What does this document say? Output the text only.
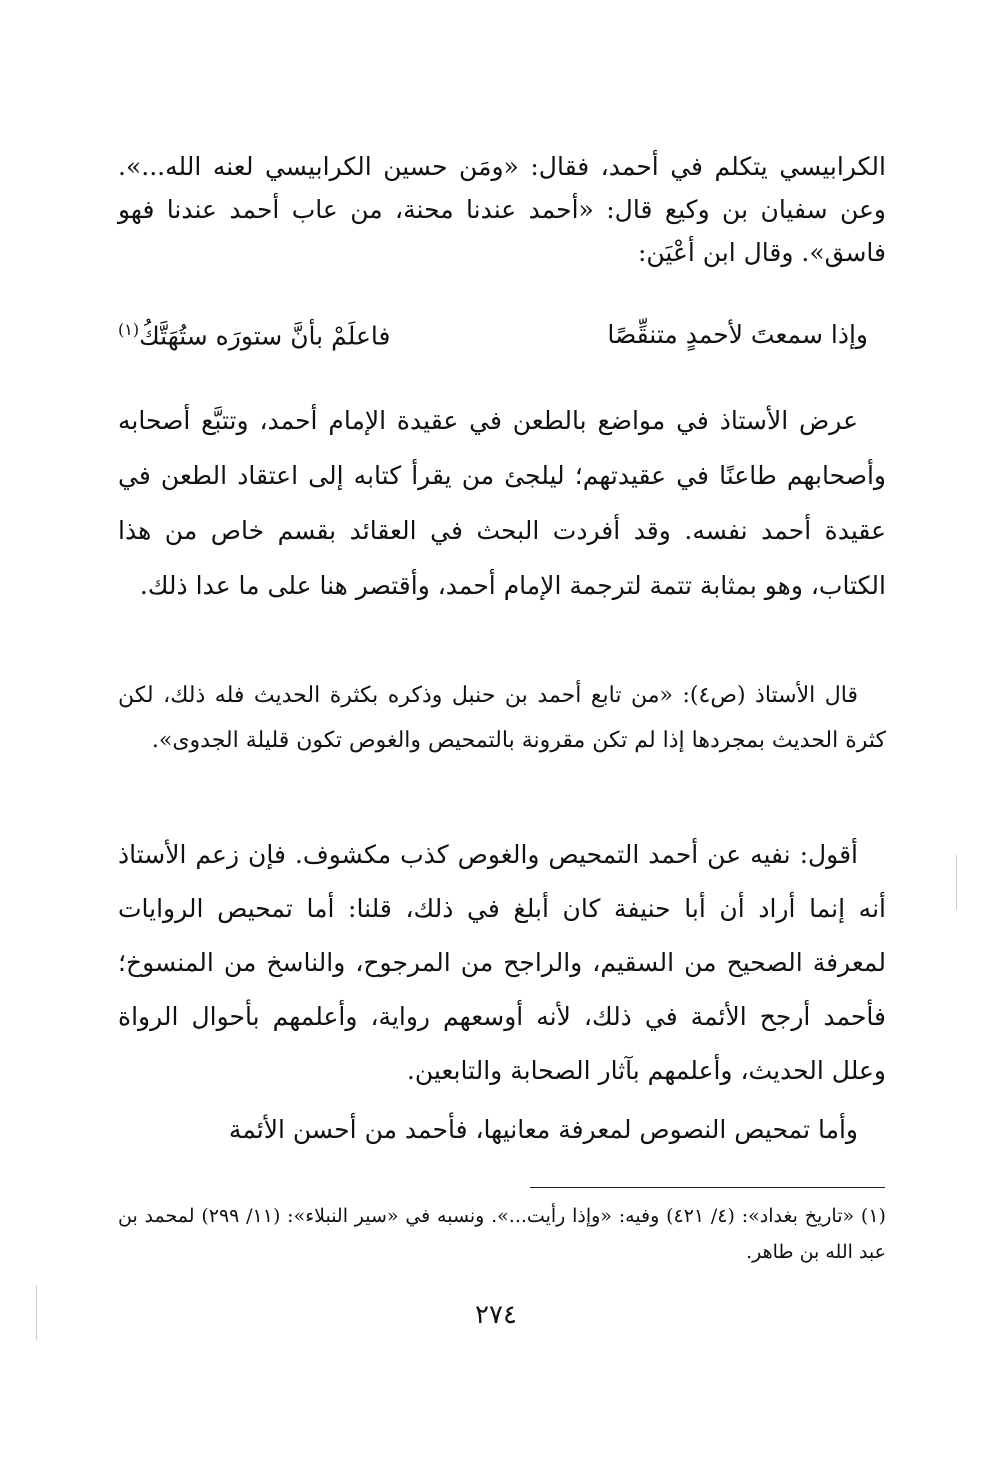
الكرابيسي يتكلم في أحمد، فقال: «ومَن حسين الكرابيسي لعنه الله...». وعن سفيان بن وكيع قال: «أحمد عندنا محنة، من عاب أحمد عندنا فهو فاسق». وقال ابن أعْيَن:

وإذا سمعتَ لأحمدٍ متنقِّصًا
فاعلَمْ بأنَّ ستورَه ستُهَتَّكُ$^{(١)}$

عرض الأستاذ في مواضع بالطعن في عقيدة الإمام أحمد، وتتبَّع أصحابه وأصحابهم طاعنًا في عقيدتهم؛ ليلجئ من يقرأ كتابه إلى اعتقاد الطعن في عقيدة أحمد نفسه. وقد أفردت البحث في العقائد بقسم خاص من هذا الكتاب، وهو بمثابة تتمة لترجمة الإمام أحمد، وأقتصر هنا على ما عدا ذلك.

قال الأستاذ (ص٤): «من تابع أحمد بن حنبل وذكره بكثرة الحديث فله ذلك، لكن كثرة الحديث بمجردها إذا لم تكن مقرونة بالتمحيص والغوص تكون قليلة الجدوى».

أقول: نفيه عن أحمد التمحيص والغوص كذب مكشوف. فإن زعم الأستاذ أنه إنما أراد أن أبا حنيفة كان أبلغ في ذلك، قلنا: أما تمحيص الروايات لمعرفة الصحيح من السقيم، والراجح من المرجوح، والناسخ من المنسوخ؛ فأحمد أرجح الأئمة في ذلك، لأنه أوسعهم رواية، وأعلمهم بأحوال الرواة وعلل الحديث، وأعلمهم بآثار الصحابة والتابعين.

وأما تمحيص النصوص لمعرفة معانيها، فأحمد من أحسن الأئمة

(١) «تاريخ بغداد»: (٤/ ٤٢١) وفيه: «وإذا رأيت...». ونسبه في «سير النبلاء»: (١١/ ٢٩٩) لمحمد بن عبد الله بن طاهر.

٢٧٤
